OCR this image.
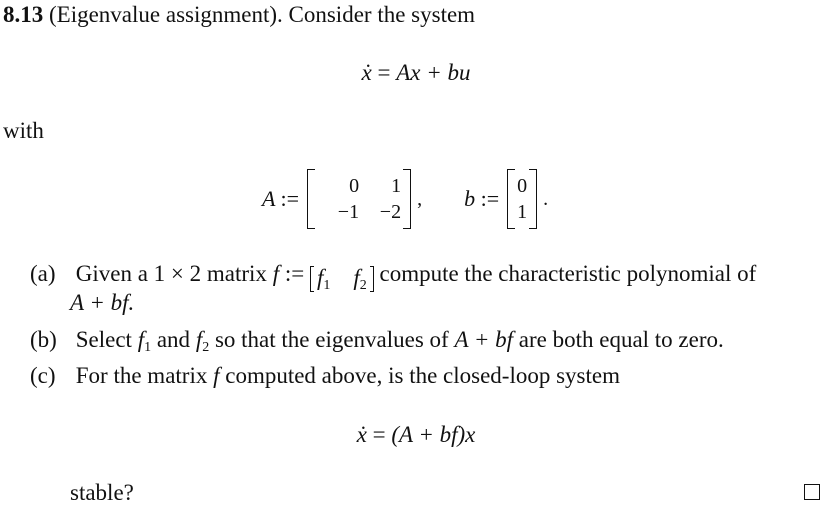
8.13 (Eigenvalue assignment). Consider the system
ẋ = Ax + bu
with
A :=
0 1
−1 −2
, b :=
0
1
.
(a) Given a 1 × 2 matrix f := $f_1$ $f_2$ compute the characteristic polynomial of
A + bf.
(b) Select $f_1$ and $f_2$ so that the eigenvalues of A + bf are both equal to zero.
(c) For the matrix f computed above, is the closed-loop system
ẋ = (A + bf)x
stable?
